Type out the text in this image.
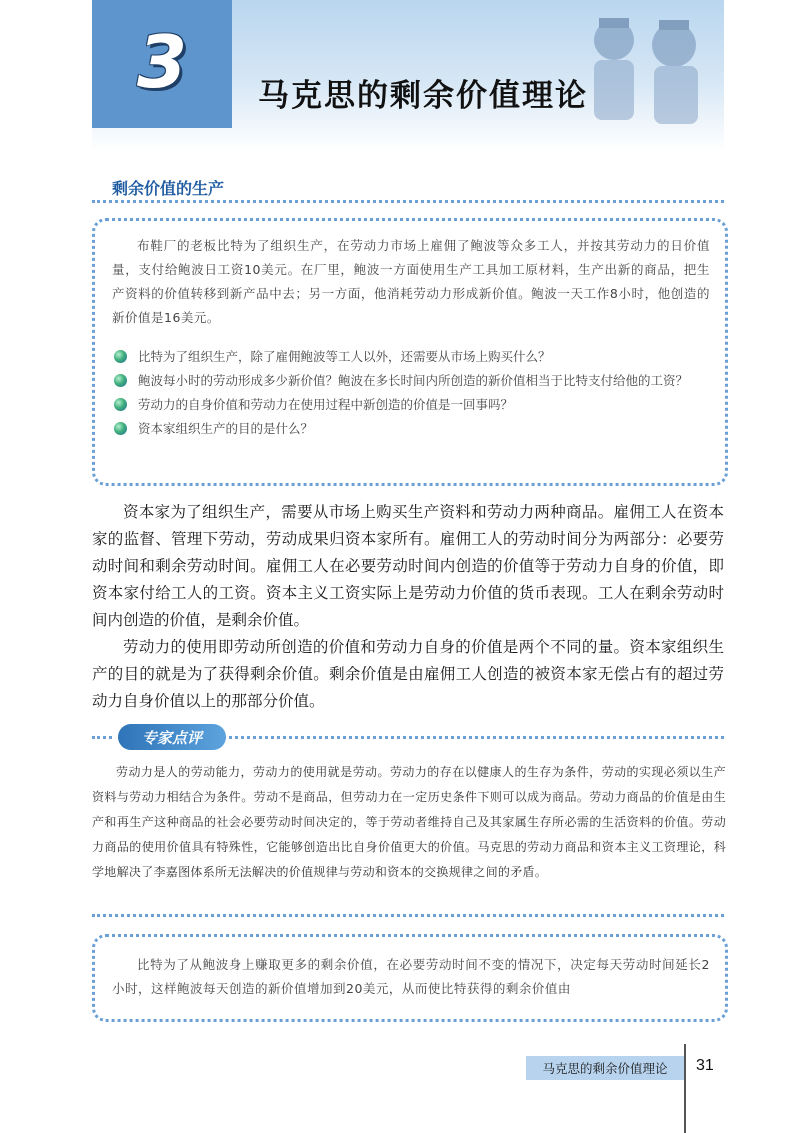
3	马克思的剩余价值理论
剩余价值的生产
布鞋厂的老板比特为了组织生产，在劳动力市场上雇佣了鲍波等众多工人，并按其劳动力的日价值量，支付给鲍波日工资10美元。在厂里，鲍波一方面使用生产工具加工原材料，生产出新的商品，把生产资料的价值转移到新产品中去；另一方面，他消耗劳动力形成新价值。鲍波一天工作8小时，他创造的新价值是16美元。
比特为了组织生产，除了雇佣鲍波等工人以外，还需要从市场上购买什么？
鲍波每小时的劳动形成多少新价值？鲍波在多长时间内所创造的新价值相当于比特支付给他的工资？
劳动力的自身价值和劳动力在使用过程中新创造的价值是一回事吗？
资本家组织生产的目的是什么？
资本家为了组织生产，需要从市场上购买生产资料和劳动力两种商品。雇佣工人在资本家的监督、管理下劳动，劳动成果归资本家所有。雇佣工人的劳动时间分为两部分：必要劳动时间和剩余劳动时间。雇佣工人在必要劳动时间内创造的价值等于劳动力自身的价值，即资本家付给工人的工资。资本主义工资实际上是劳动力价值的货币表现。工人在剩余劳动时间内创造的价值，是剩余价值。
劳动力的使用即劳动所创造的价值和劳动力自身的价值是两个不同的量。资本家组织生产的目的就是为了获得剩余价值。剩余价值是由雇佣工人创造的被资本家无偿占有的超过劳动力自身价值以上的那部分价值。
专家点评
劳动力是人的劳动能力，劳动力的使用就是劳动。劳动力的存在以健康人的生存为条件，劳动的实现必须以生产资料与劳动力相结合为条件。劳动不是商品，但劳动力在一定历史条件下则可以成为商品。劳动力商品的价值是由生产和再生产这种商品的社会必要劳动时间决定的，等于劳动者维持自己及其家属生存所必需的生活资料的价值。劳动力商品的使用价值具有特殊性，它能够创造出比自身价值更大的价值。马克思的劳动力商品和资本主义工资理论，科学地解决了李嘉图体系所无法解决的价值规律与劳动和资本的交换规律之间的矛盾。
比特为了从鲍波身上赚取更多的剩余价值，在必要劳动时间不变的情况下，决定每天劳动时间延长2小时，这样鲍波每天创造的新价值增加到20美元，从而使比特获得的剩余价值由
马克思的剩余价值理论	31
